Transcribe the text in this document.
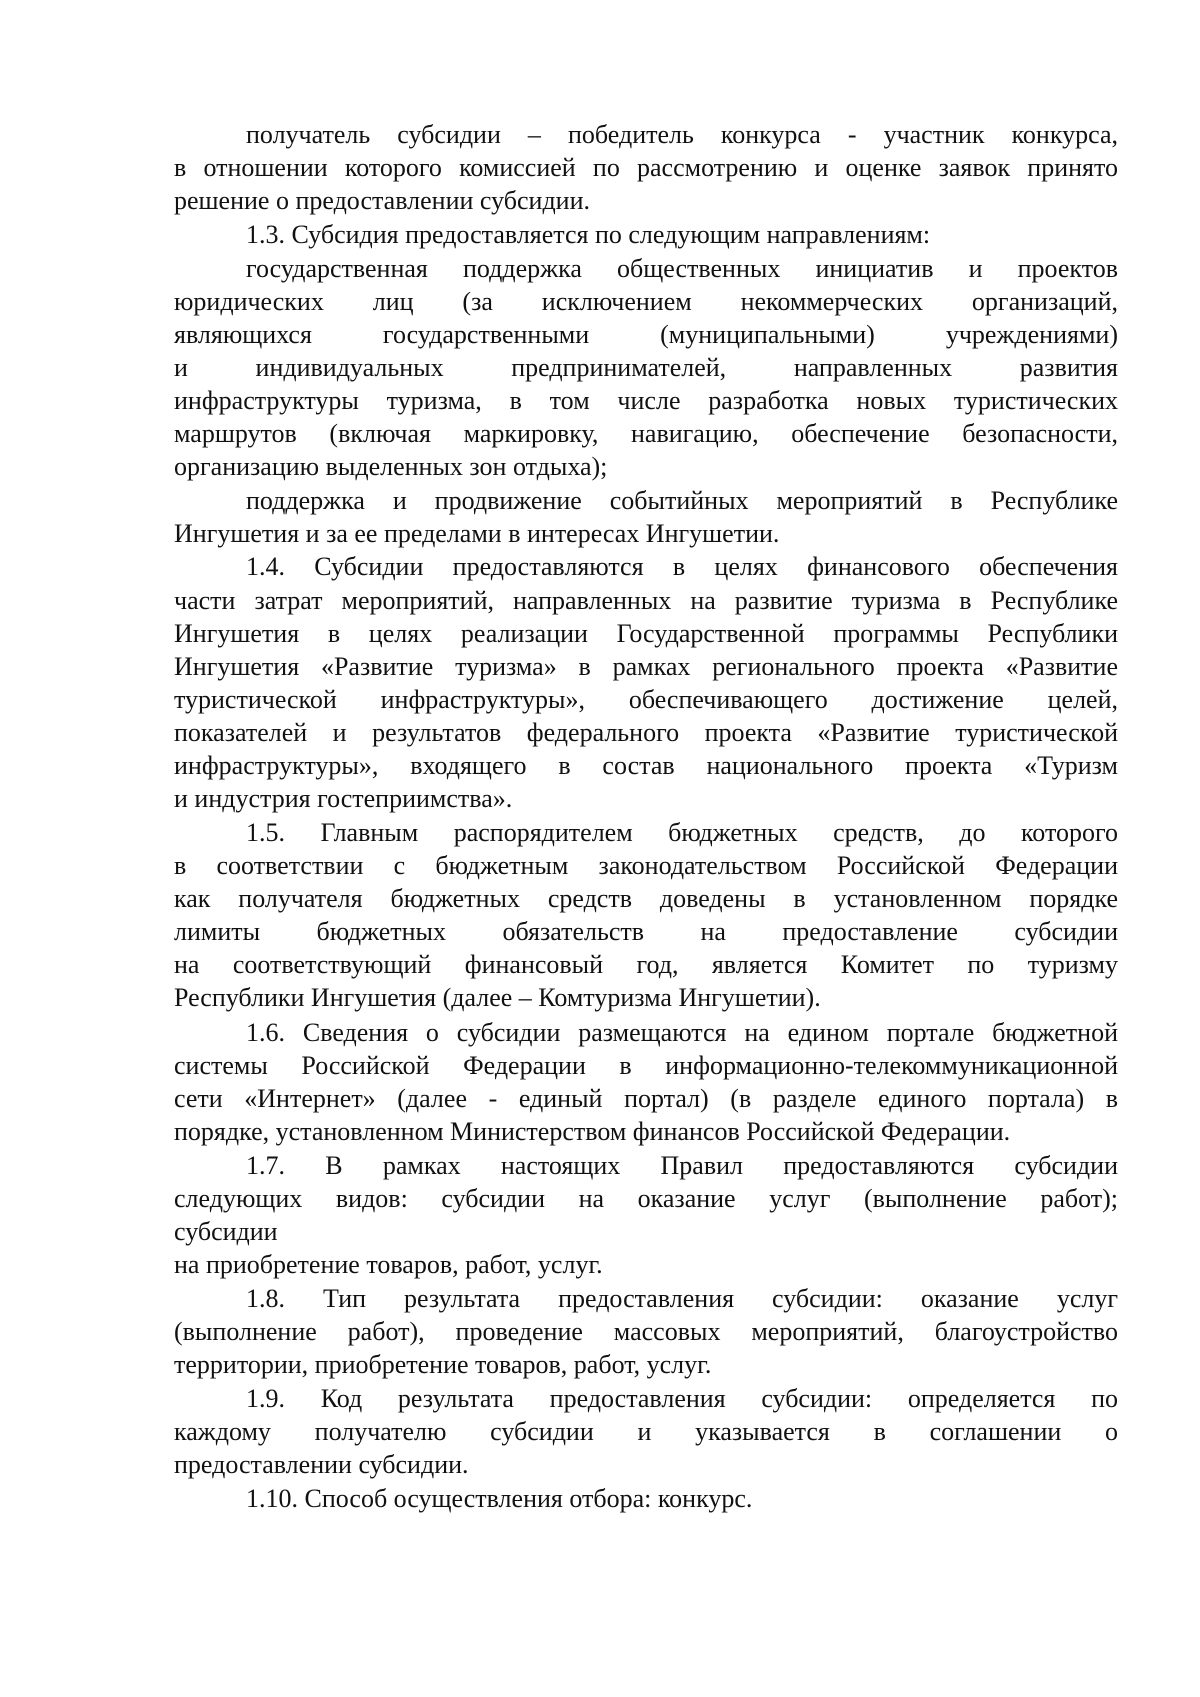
получатель субсидии – победитель конкурса - участник конкурса,
в отношении которого комиссией по рассмотрению и оценке заявок принято
решение о предоставлении субсидии.
1.3. Субсидия предоставляется по следующим направлениям:
государственная поддержка общественных инициатив и проектов
юридических лиц (за исключением некоммерческих организаций,
являющихся государственными (муниципальными) учреждениями)
и индивидуальных предпринимателей, направленных развития
инфраструктуры туризма, в том числе разработка новых туристических
маршрутов (включая маркировку, навигацию, обеспечение безопасности,
организацию выделенных зон отдыха);
поддержка и продвижение событийных мероприятий в Республике
Ингушетия и за ее пределами в интересах Ингушетии.
1.4. Субсидии предоставляются в целях финансового обеспечения
части затрат мероприятий, направленных на развитие туризма в Республике
Ингушетия в целях реализации Государственной программы Республики
Ингушетия «Развитие туризма» в рамках регионального проекта «Развитие
туристической инфраструктуры», обеспечивающего достижение целей,
показателей и результатов федерального проекта «Развитие туристической
инфраструктуры», входящего в состав национального проекта «Туризм
и индустрия гостеприимства».
1.5. Главным распорядителем бюджетных средств, до которого
в соответствии с бюджетным законодательством Российской Федерации
как получателя бюджетных средств доведены в установленном порядке
лимиты бюджетных обязательств на предоставление субсидии
на соответствующий финансовый год, является Комитет по туризму
Республики Ингушетия (далее – Комтуризма Ингушетии).
1.6. Сведения о субсидии размещаются на едином портале бюджетной
системы Российской Федерации в информационно-телекоммуникационной
сети «Интернет» (далее - единый портал) (в разделе единого портала) в
порядке, установленном Министерством финансов Российской Федерации.
1.7. В рамках настоящих Правил предоставляются субсидии
следующих видов: субсидии на оказание услуг (выполнение работ);
субсидии
на приобретение товаров, работ, услуг.
1.8. Тип результата предоставления субсидии: оказание услуг
(выполнение работ), проведение массовых мероприятий, благоустройство
территории, приобретение товаров, работ, услуг.
1.9. Код результата предоставления субсидии: определяется по
каждому получателю субсидии и указывается в соглашении о
предоставлении субсидии.
1.10. Способ осуществления отбора: конкурс.
